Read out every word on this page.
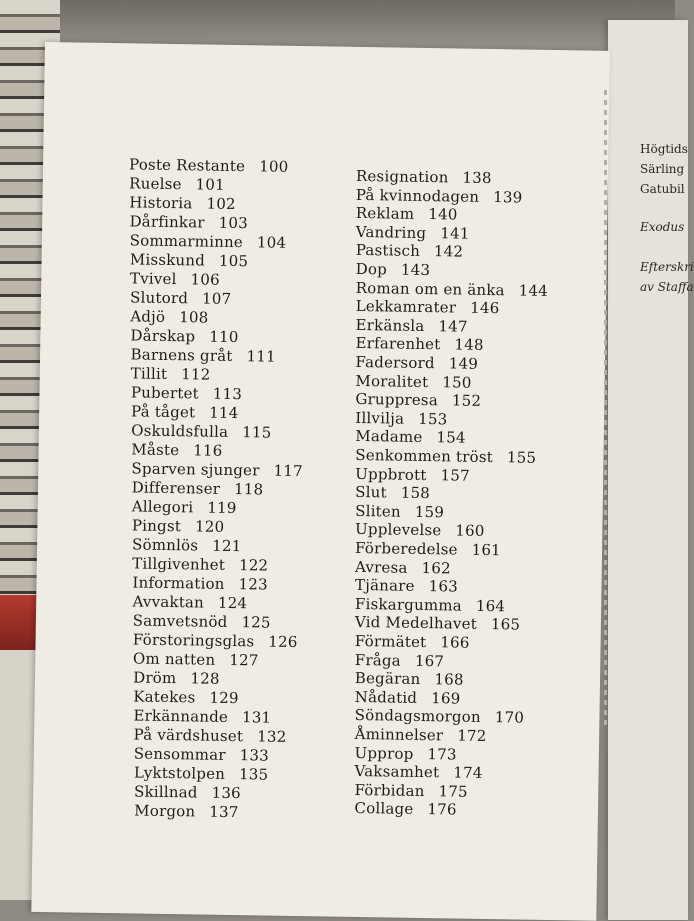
Högtids
Särling
Gatubil
Exodus
Efterskri
av Staffa
Poste Restante 100
Ruelse 101
Historia 102
Dårfinkar 103
Sommarminne 104
Misskund 105
Tvivel 106
Slutord 107
Adjö 108
Dårskap 110
Barnens gråt 111
Tillit 112
Pubertet 113
På tåget 114
Oskuldsfulla 115
Måste 116
Sparven sjunger 117
Differenser 118
Allegori 119
Pingst 120
Sömnlös 121
Tillgivenhet 122
Information 123
Avvaktan 124
Samvetsnöd 125
Förstoringsglas 126
Om natten 127
Dröm 128
Katekes 129
Erkännande 131
På värdshuset 132
Sensommar 133
Lyktstolpen 135
Skillnad 136
Morgon 137
Resignation 138
På kvinnodagen 139
Reklam 140
Vandring 141
Pastisch 142
Dop 143
Roman om en änka 144
Lekkamrater 146
Erkänsla 147
Erfarenhet 148
Fadersord 149
Moralitet 150
Gruppresa 152
Illvilja 153
Madame 154
Senkommen tröst 155
Uppbrott 157
Slut 158
Sliten 159
Upplevelse 160
Förberedelse 161
Avresa 162
Tjänare 163
Fiskargumma 164
Vid Medelhavet 165
Förmätet 166
Fråga 167
Begäran 168
Nådatid 169
Söndagsmorgon 170
Åminnelser 172
Upprop 173
Vaksamhet 174
Förbidan 175
Collage 176
